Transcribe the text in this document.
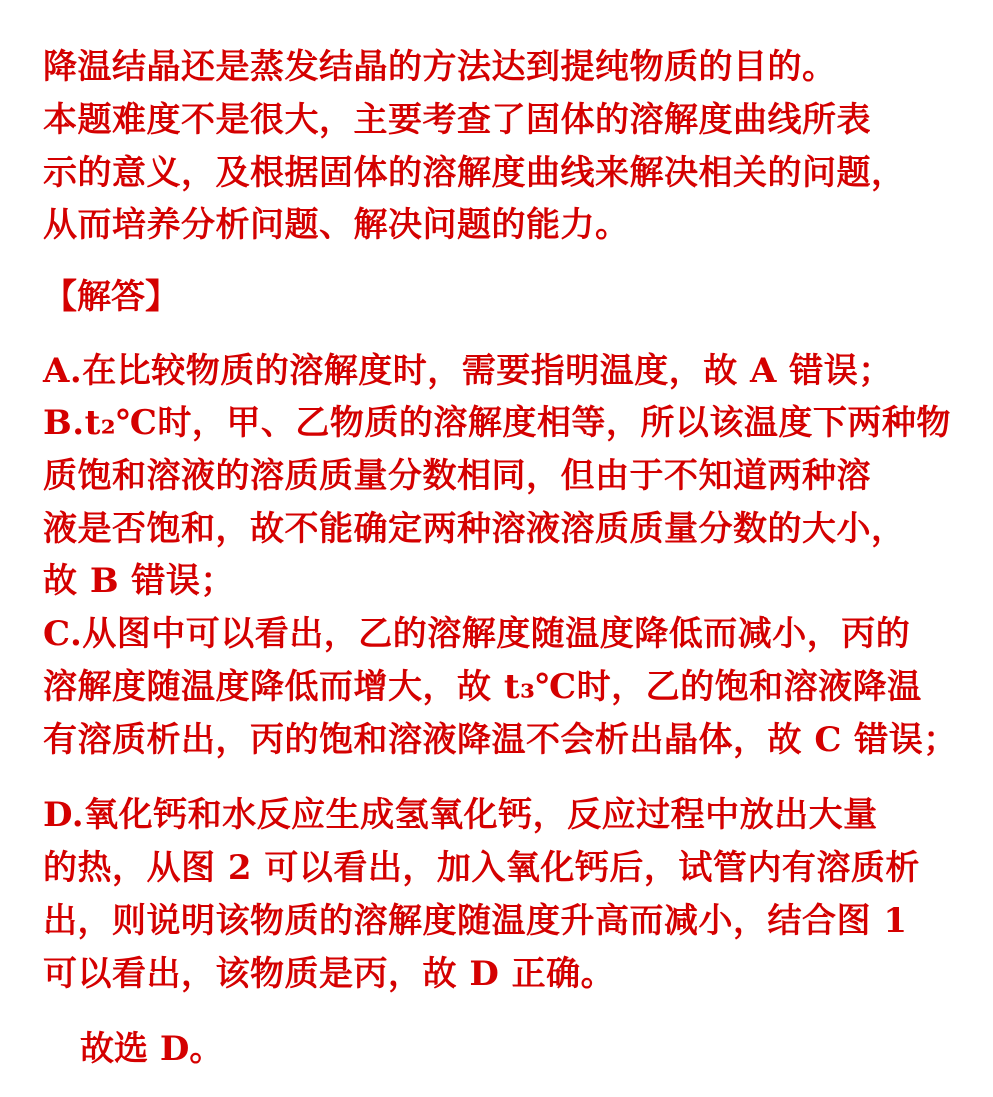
降温结晶还是蒸发结晶的方法达到提纯物质的目的。
本题难度不是很大，主要考查了固体的溶解度曲线所表
示的意义，及根据固体的溶解度曲线来解决相关的问题，
从而培养分析问题、解决问题的能力。
【解答】
A.在比较物质的溶解度时，需要指明温度，故 A 错误；
B.t₂℃时，甲、乙物质的溶解度相等，所以该温度下两种物
质饱和溶液的溶质质量分数相同，但由于不知道两种溶
液是否饱和，故不能确定两种溶液溶质质量分数的大小，
故 B 错误；
C.从图中可以看出，乙的溶解度随温度降低而减小，丙的
溶解度随温度降低而增大，故 t₃℃时，乙的饱和溶液降温
有溶质析出，丙的饱和溶液降温不会析出晶体，故 C 错误；
D.氧化钙和水反应生成氢氧化钙，反应过程中放出大量
的热，从图 2 可以看出，加入氧化钙后，试管内有溶质析
出，则说明该物质的溶解度随温度升高而减小，结合图 1
可以看出，该物质是丙，故 D 正确。
故选 D。
